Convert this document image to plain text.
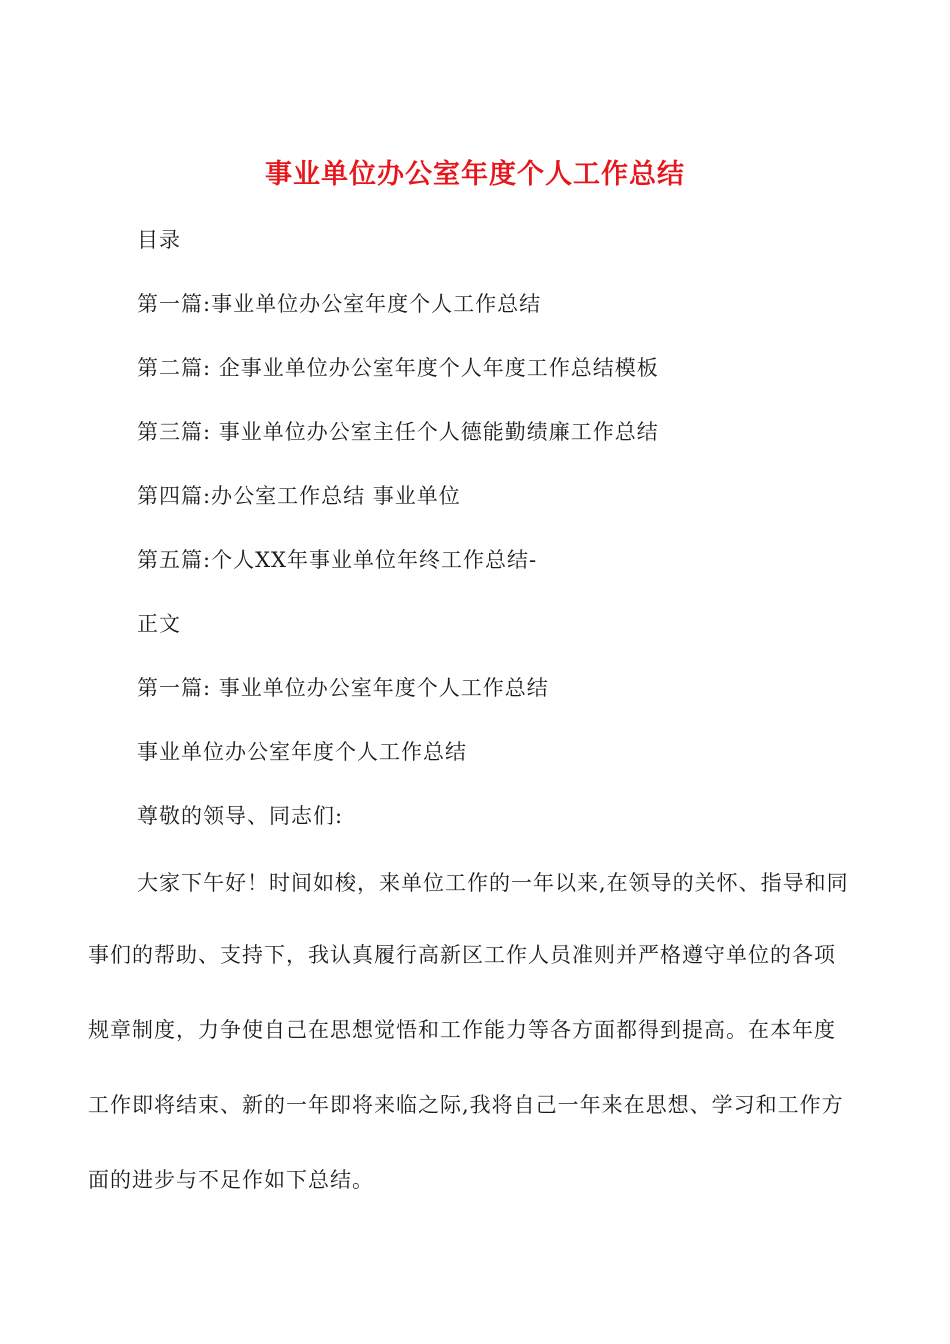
事业单位办公室年度个人工作总结
目录
第一篇:事业单位办公室年度个人工作总结
第二篇: 企事业单位办公室年度个人年度工作总结模板
第三篇: 事业单位办公室主任个人德能勤绩廉工作总结
第四篇:办公室工作总结 事业单位
第五篇:个人XX年事业单位年终工作总结-
正文
第一篇: 事业单位办公室年度个人工作总结
事业单位办公室年度个人工作总结
尊敬的领导、同志们:
大家下午好！时间如梭，来单位工作的一年以来,在领导的关怀、指导和同
事们的帮助、支持下，我认真履行高新区工作人员准则并严格遵守单位的各项
规章制度，力争使自己在思想觉悟和工作能力等各方面都得到提高。在本年度
工作即将结束、新的一年即将来临之际,我将自己一年来在思想、学习和工作方
面的进步与不足作如下总结。
